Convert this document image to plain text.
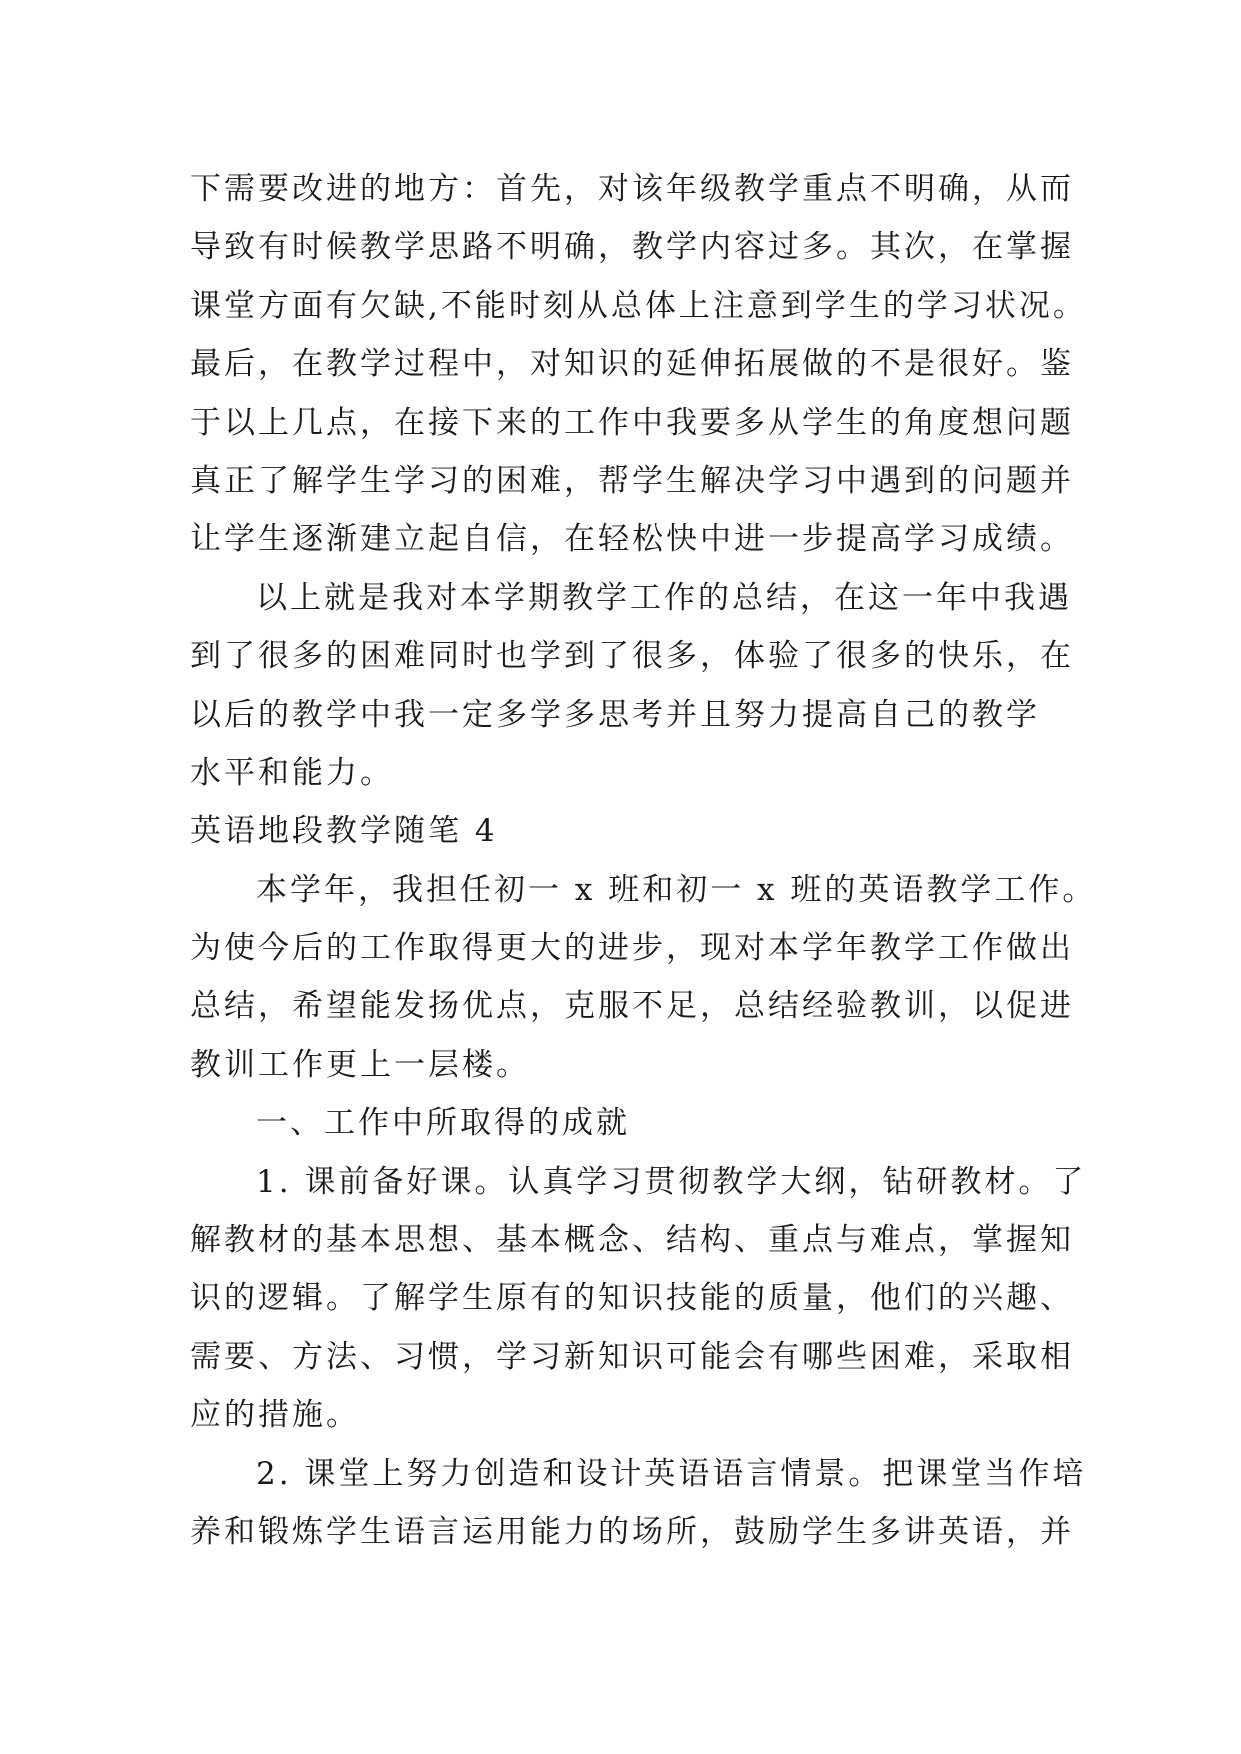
下需要改进的地方：首先，对该年级教学重点不明确，从而
导致有时候教学思路不明确，教学内容过多。其次，在掌握
课堂方面有欠缺,不能时刻从总体上注意到学生的学习状况。
最后，在教学过程中，对知识的延伸拓展做的不是很好。鉴
于以上几点，在接下来的工作中我要多从学生的角度想问题
真正了解学生学习的困难，帮学生解决学习中遇到的问题并
让学生逐渐建立起自信，在轻松快中进一步提高学习成绩。
以上就是我对本学期教学工作的总结，在这一年中我遇
到了很多的困难同时也学到了很多，体验了很多的快乐，在
以后的教学中我一定多学多思考并且努力提高自己的教学
水平和能力。
英语地段教学随笔 4
本学年，我担任初一 x 班和初一 x 班的英语教学工作。
为使今后的工作取得更大的进步，现对本学年教学工作做出
总结，希望能发扬优点，克服不足，总结经验教训，以促进
教训工作更上一层楼。
一、工作中所取得的成就
1. 课前备好课。认真学习贯彻教学大纲，钻研教材。了
解教材的基本思想、基本概念、结构、重点与难点，掌握知
识的逻辑。了解学生原有的知识技能的质量，他们的兴趣、
需要、方法、习惯，学习新知识可能会有哪些困难，采取相
应的措施。
2. 课堂上努力创造和设计英语语言情景。把课堂当作培
养和锻炼学生语言运用能力的场所，鼓励学生多讲英语，并
